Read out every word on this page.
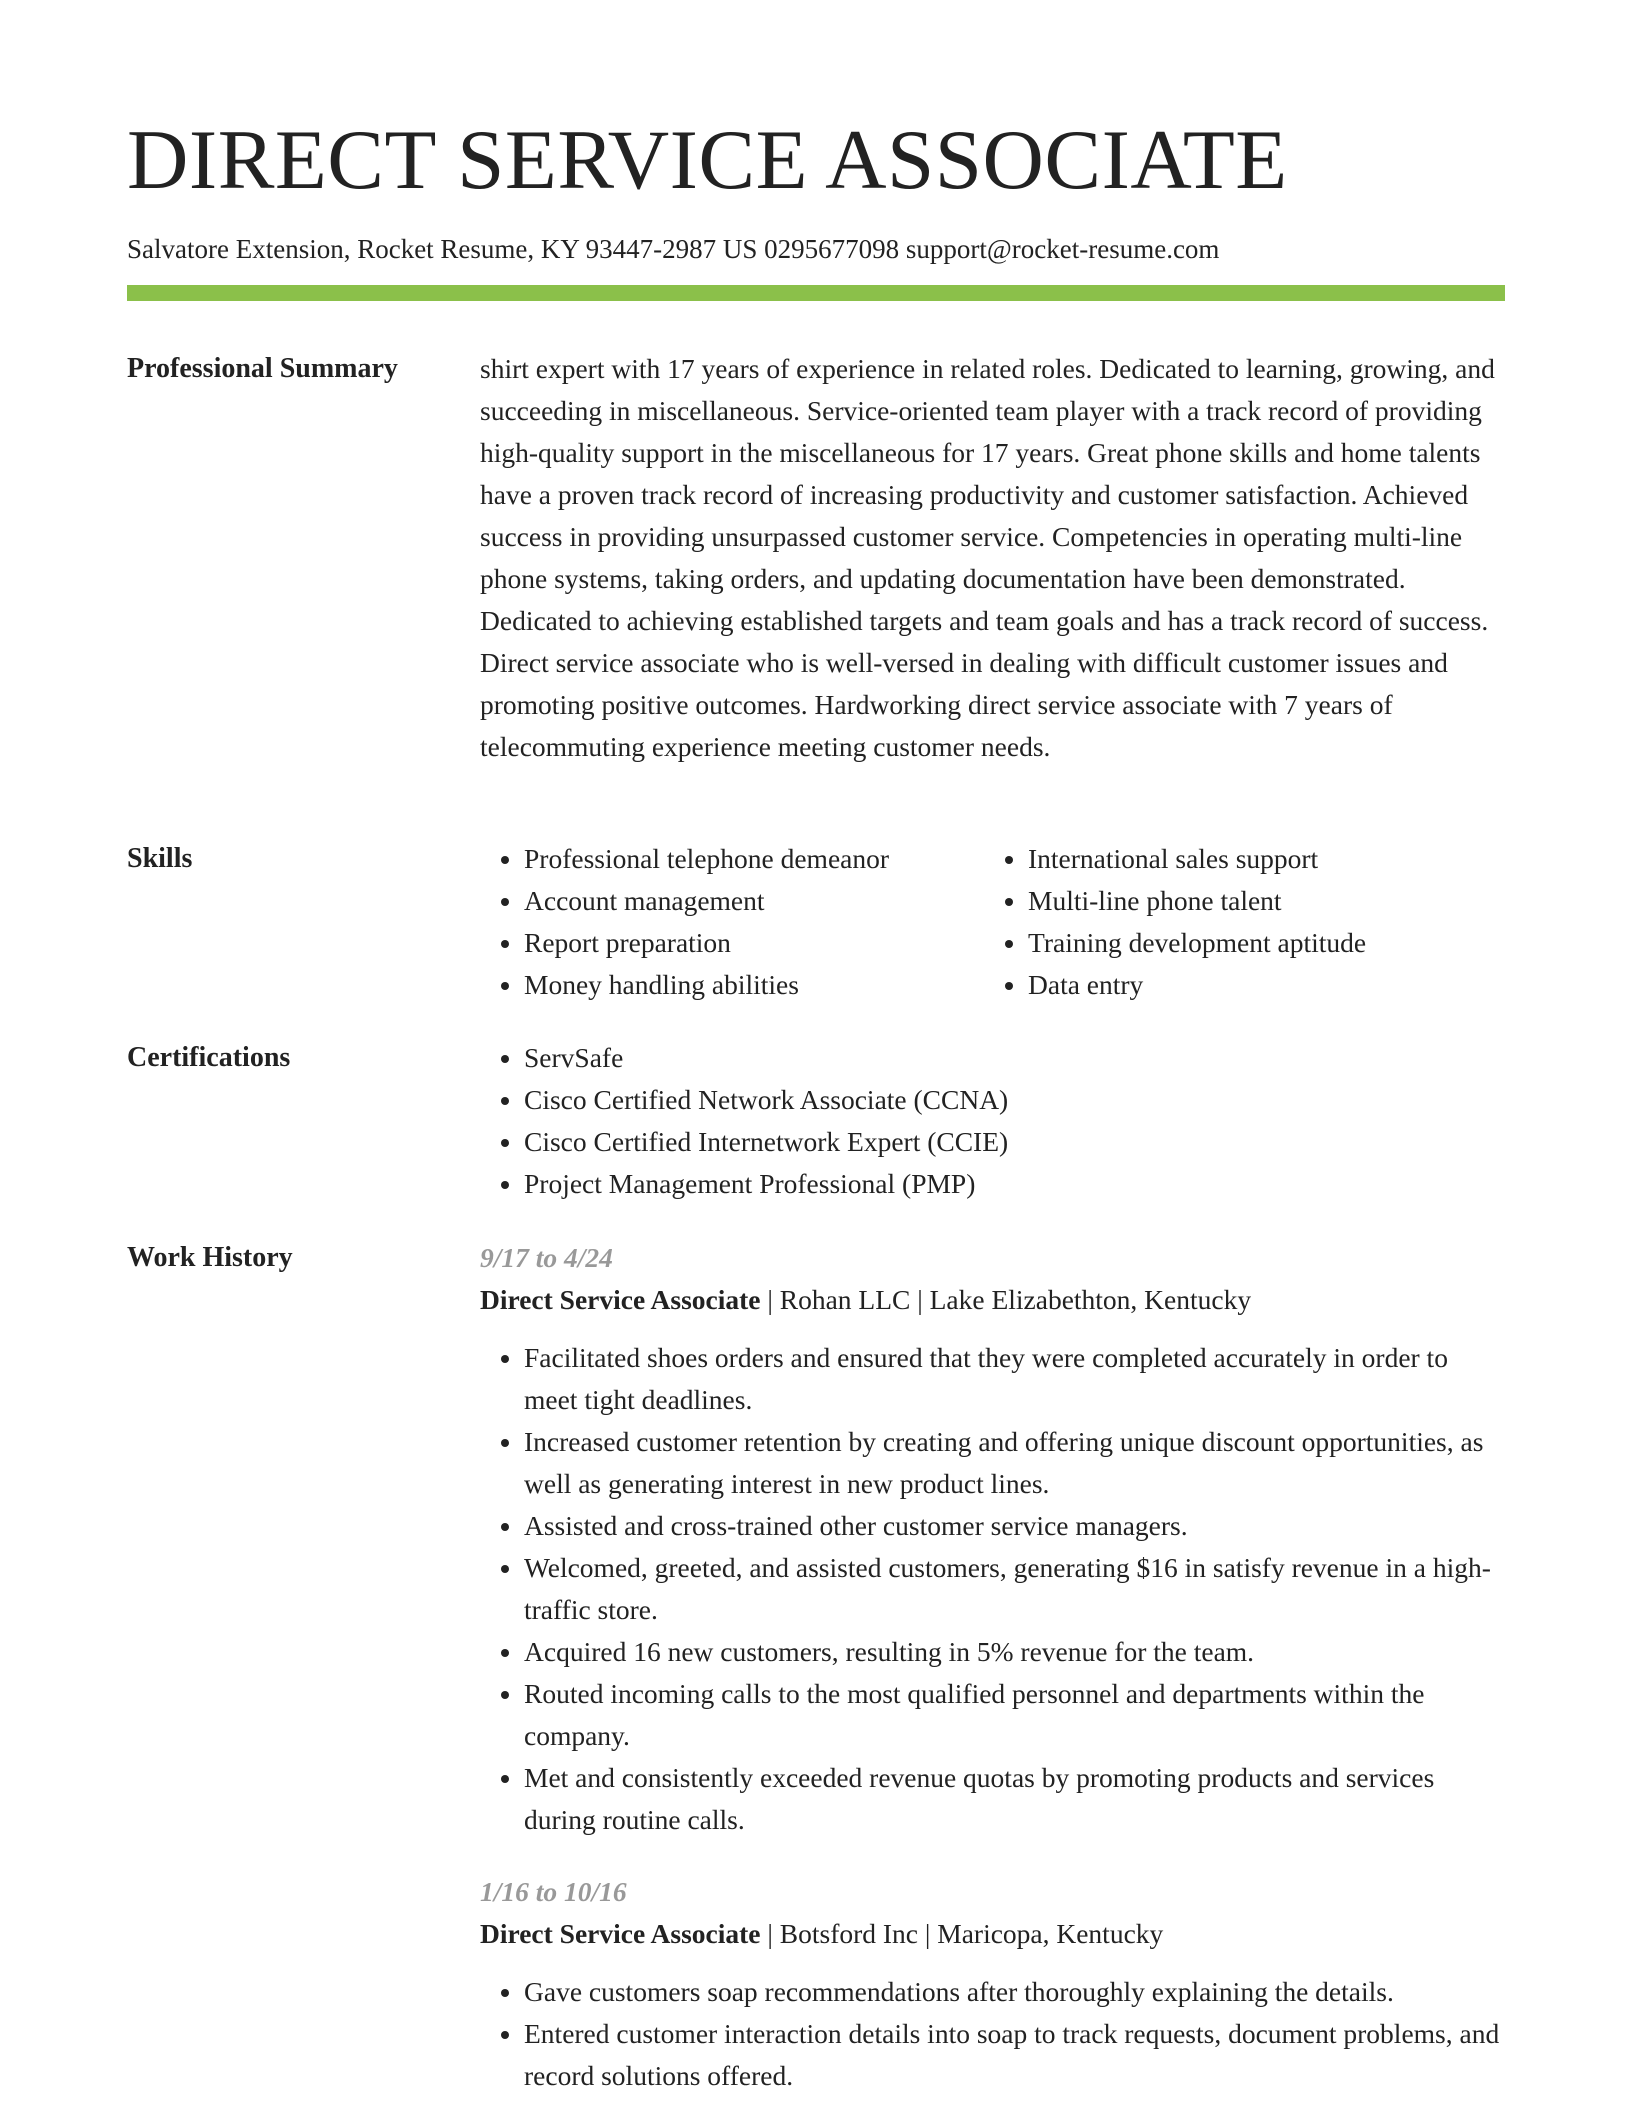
DIRECT SERVICE ASSOCIATE
Salvatore Extension, Rocket Resume, KY 93447-2987 US 0295677098 support@rocket-resume.com
Professional Summary	shirt expert with 17 years of experience in related roles. Dedicated to learning, growing, and succeeding in miscellaneous. Service-oriented team player with a track record of providing high-quality support in the miscellaneous for 17 years. Great phone skills and home talents have a proven track record of increasing productivity and customer satisfaction. Achieved success in providing unsurpassed customer service. Competencies in operating multi-line phone systems, taking orders, and updating documentation have been demonstrated. Dedicated to achieving established targets and team goals and has a track record of success. Direct service associate who is well-versed in dealing with difficult customer issues and promoting positive outcomes. Hardworking direct service associate with 7 years of telecommuting experience meeting customer needs.

Skills	• Professional telephone demeanor
• Account management
• Report preparation
• Money handling abilities
• International sales support
• Multi-line phone talent
• Training development aptitude
• Data entry
Certifications	• ServSafe
• Cisco Certified Network Associate (CCNA)
• Cisco Certified Internetwork Expert (CCIE)
• Project Management Professional (PMP)
Work History	9/17 to 4/24
Direct Service Associate | Rohan LLC | Lake Elizabethton, Kentucky
• Facilitated shoes orders and ensured that they were completed accurately in order to meet tight deadlines.
• Increased customer retention by creating and offering unique discount opportunities, as well as generating interest in new product lines.
• Assisted and cross-trained other customer service managers.
• Welcomed, greeted, and assisted customers, generating $16 in satisfy revenue in a high-traffic store.
• Acquired 16 new customers, resulting in 5% revenue for the team.
• Routed incoming calls to the most qualified personnel and departments within the company.
• Met and consistently exceeded revenue quotas by promoting products and services during routine calls.
1/16 to 10/16
Direct Service Associate | Botsford Inc | Maricopa, Kentucky
• Gave customers soap recommendations after thoroughly explaining the details.
• Entered customer interaction details into soap to track requests, document problems, and record solutions offered.
